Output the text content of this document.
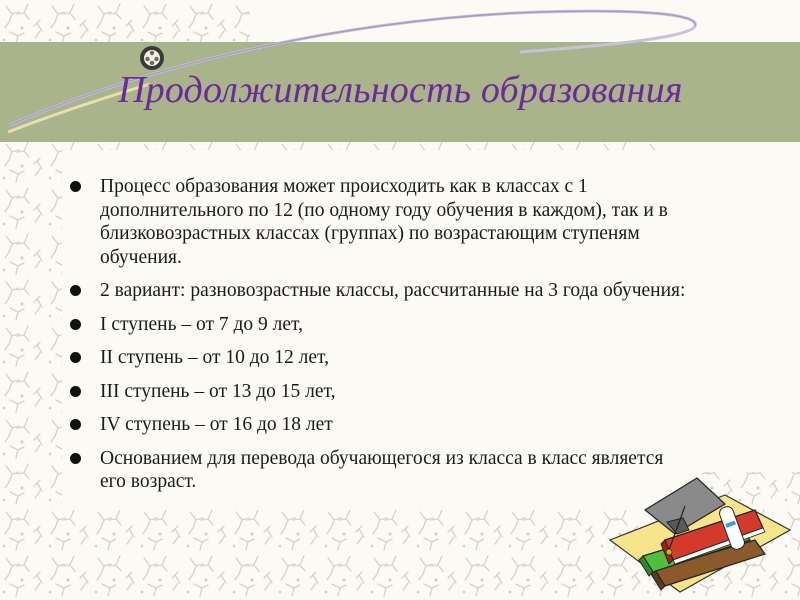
Продолжительность образования
Процесс образования может происходить как в классах с 1 дополнительного по 12 (по одному году обучения в каждом), так и в близковозрастных классах (группах) по возрастающим ступеням обучения.
2 вариант: разновозрастные классы, рассчитанные на 3 года обучения:
I ступень – от 7 до 9 лет,
II ступень – от 10 до 12 лет,
III ступень – от 13 до 15 лет,
IV ступень – от 16 до 18 лет
Основанием для перевода обучающегося из класса в класс является его возраст.
